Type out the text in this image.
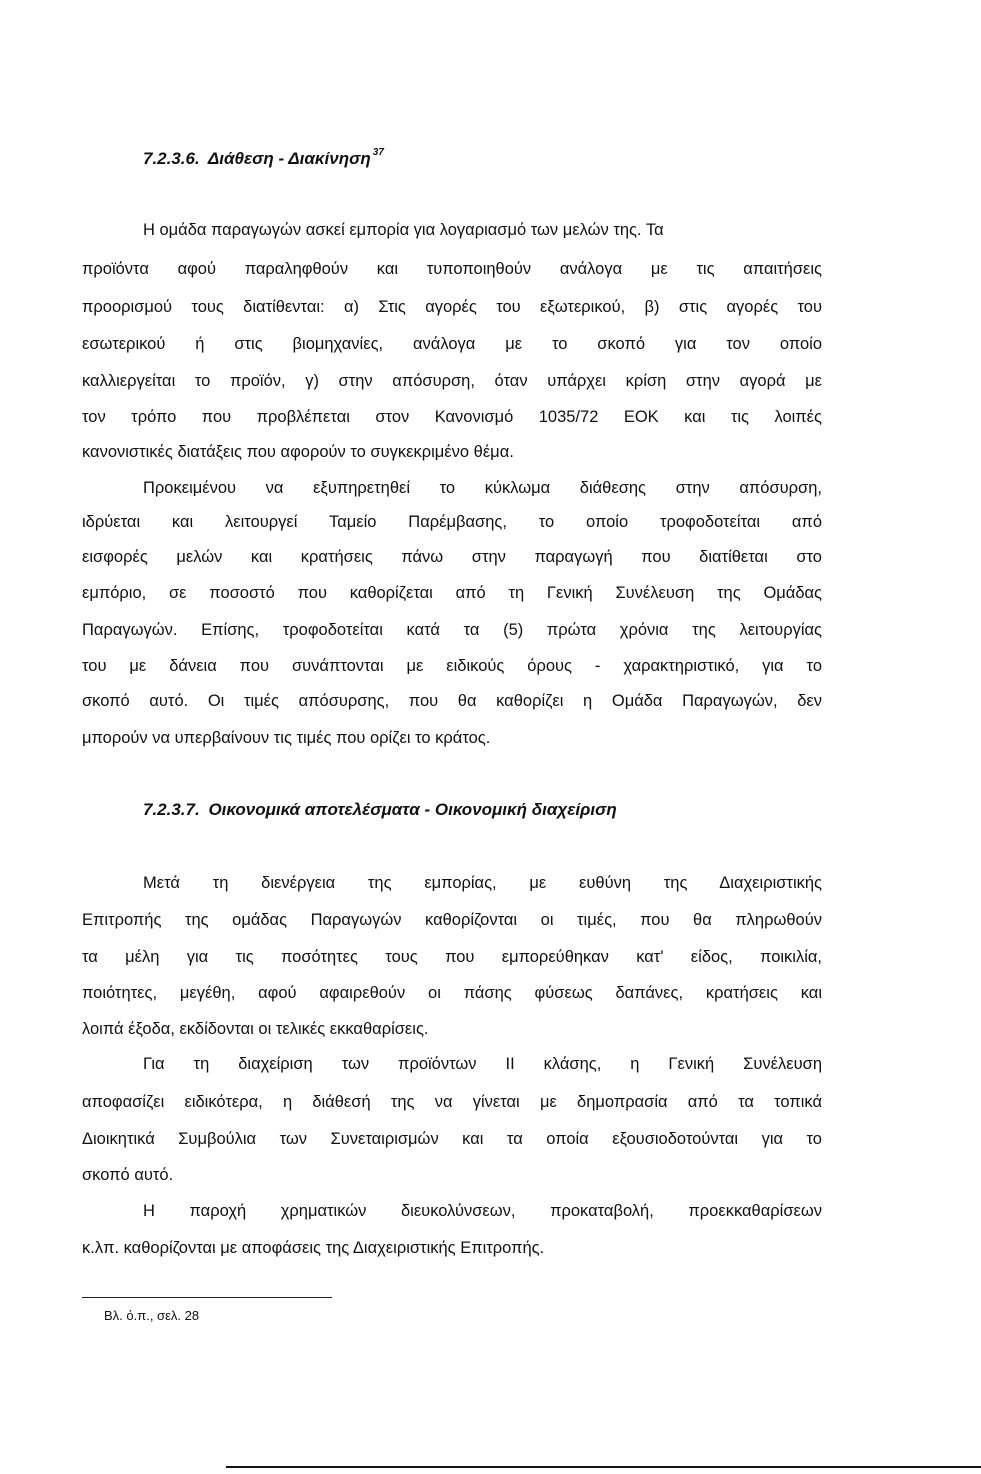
7.2.3.6. Διάθεση - Διακίνηση $^{37}$
Η ομάδα παραγωγών ασκεί εμπορία για λογαριασμό των μελών της. Τα
προϊόντα αφού παραληφθούν και τυποποιηθούν ανάλογα με τις απαιτήσεις
προορισμού τους διατίθενται: α) Στις αγορές του εξωτερικού, β) στις αγορές του
εσωτερικού ή στις βιομηχανίες, ανάλογα με το σκοπό για τον οποίο
καλλιεργείται το προϊόν, γ) στην απόσυρση, όταν υπάρχει κρίση στην αγορά με
τον τρόπο που προβλέπεται στον Κανονισμό 1035/72 ΕΟΚ και τις λοιπές
κανονιστικές διατάξεις που αφορούν το συγκεκριμένο θέμα.
Προκειμένου να εξυπηρετηθεί το κύκλωμα διάθεσης στην απόσυρση,
ιδρύεται και λειτουργεί Ταμείο Παρέμβασης, το οποίο τροφοδοτείται από
εισφορές μελών και κρατήσεις πάνω στην παραγωγή που διατίθεται στο
εμπόριο, σε ποσοστό που καθορίζεται από τη Γενική Συνέλευση της Ομάδας
Παραγωγών. Επίσης, τροφοδοτείται κατά τα (5) πρώτα χρόνια της λειτουργίας
του με δάνεια που συνάπτονται με ειδικούς όρους - χαρακτηριστικό, για το
σκοπό αυτό. Οι τιμές απόσυρσης, που θα καθορίζει η Ομάδα Παραγωγών, δεν
μπορούν να υπερβαίνουν τις τιμές που ορίζει το κράτος.
7.2.3.7. Οικονομικά αποτελέσματα - Οικονομική διαχείριση
Μετά τη διενέργεια της εμπορίας, με ευθύνη της Διαχειριστικής
Επιτροπής της ομάδας Παραγωγών καθορίζονται οι τιμές, που θα πληρωθούν
τα μέλη για τις ποσότητες τους που εμπορεύθηκαν κατ' είδος, ποικιλία,
ποιότητες, μεγέθη, αφού αφαιρεθούν οι πάσης φύσεως δαπάνες, κρατήσεις και
λοιπά έξοδα, εκδίδονται οι τελικές εκκαθαρίσεις.
Για τη διαχείριση των προϊόντων ΙΙ κλάσης, η Γενική Συνέλευση
αποφασίζει ειδικότερα, η διάθεσή της να γίνεται με δημοπρασία από τα τοπικά
Διοικητικά Συμβούλια των Συνεταιρισμών και τα οποία εξουσιοδοτούνται για το
σκοπό αυτό.
Η παροχή χρηματικών διευκολύνσεων, προκαταβολή, προεκκαθαρίσεων
κ.λπ. καθορίζονται με αποφάσεις της Διαχειριστικής Επιτροπής.
Βλ. ό.π., σελ. 28
